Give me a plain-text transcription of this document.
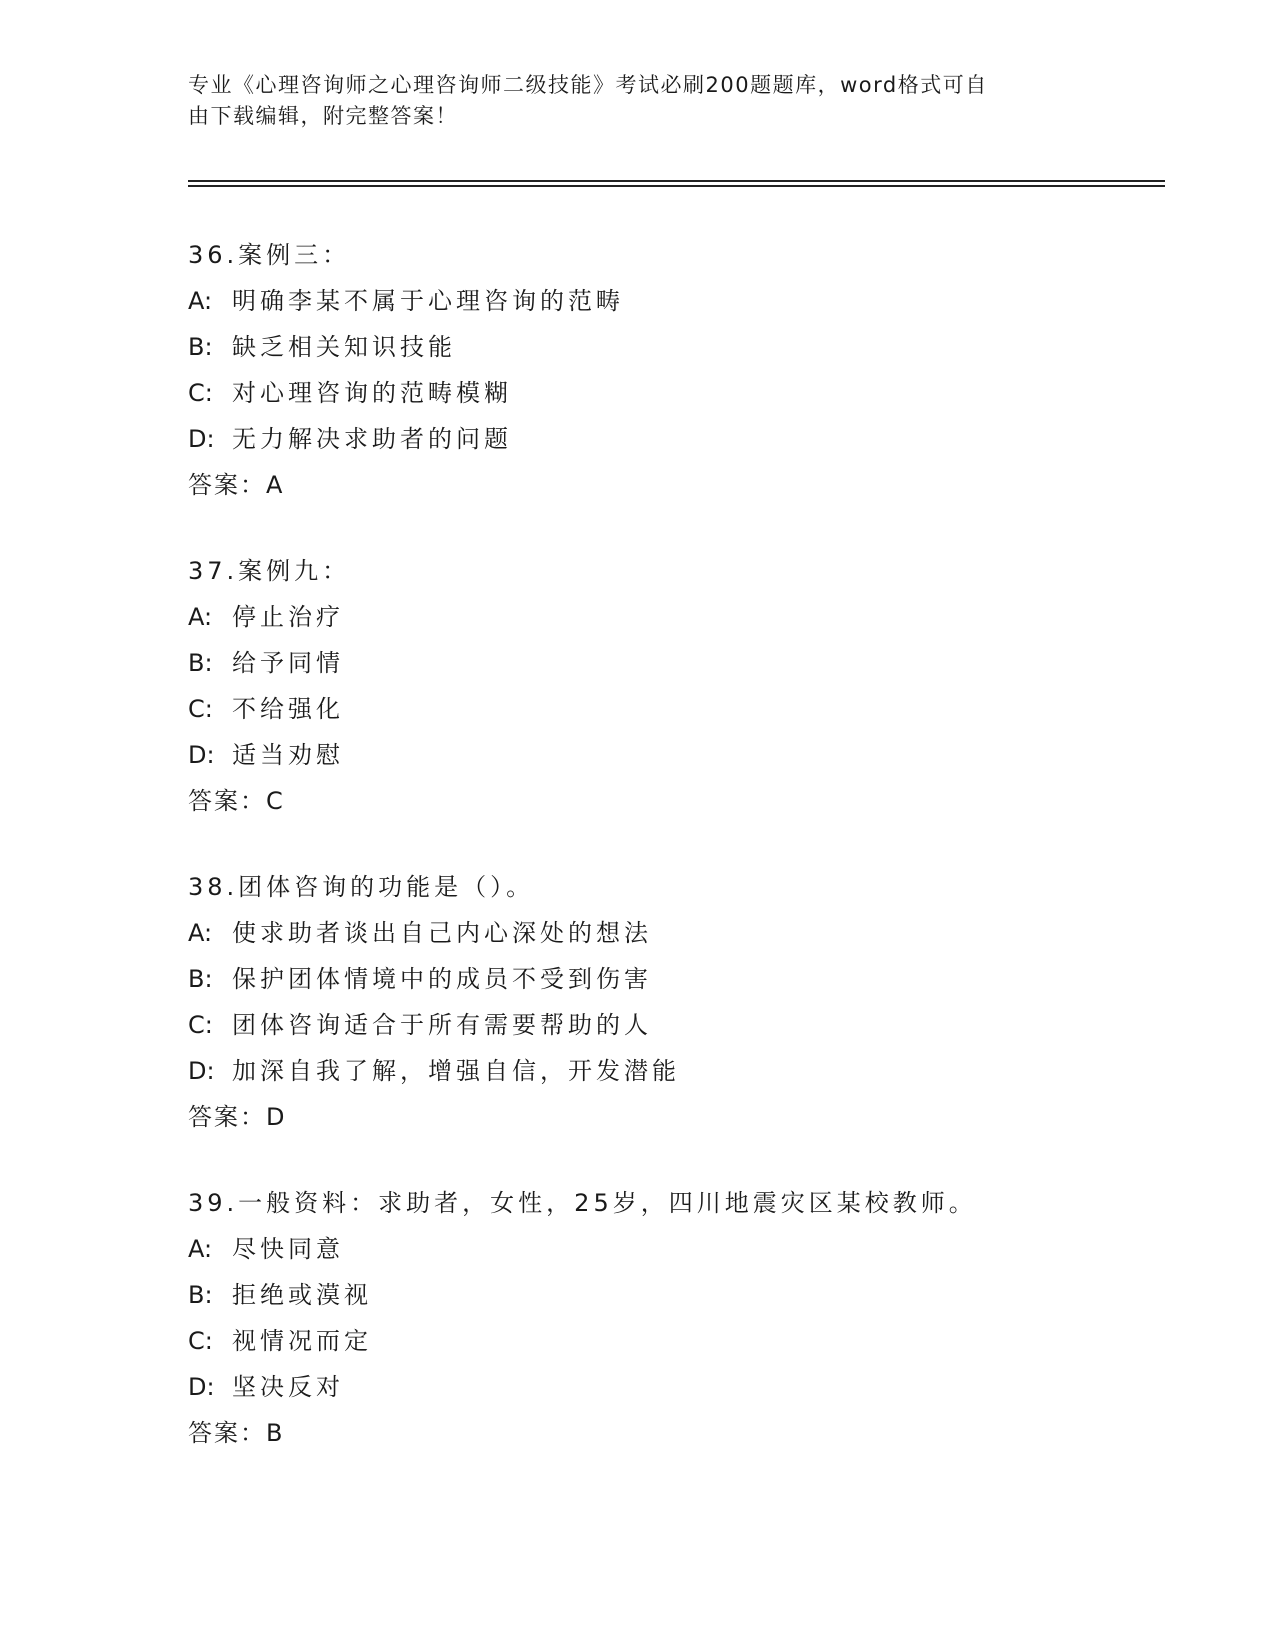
专业《心理咨询师之心理咨询师二级技能》考试必刷200题题库，word格式可自
由下载编辑，附完整答案！
36.案例三：
A: 明确李某不属于心理咨询的范畴
B: 缺乏相关知识技能
C: 对心理咨询的范畴模糊
D: 无力解决求助者的问题
答案：A
37.案例九：
A: 停止治疗
B: 给予同情
C: 不给强化
D: 适当劝慰
答案：C
38.团体咨询的功能是（）。
A: 使求助者谈出自己内心深处的想法
B: 保护团体情境中的成员不受到伤害
C: 团体咨询适合于所有需要帮助的人
D: 加深自我了解，增强自信，开发潜能
答案：D
39.一般资料：求助者，女性，25岁，四川地震灾区某校教师。
A: 尽快同意
B: 拒绝或漠视
C: 视情况而定
D: 坚决反对
答案：B
